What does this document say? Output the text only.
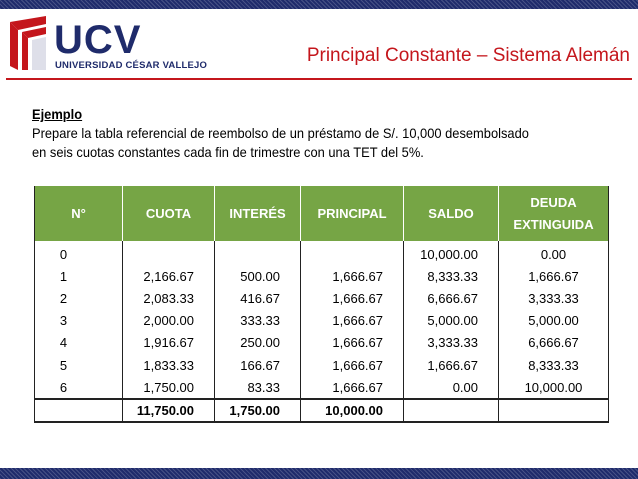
UCV
UNIVERSIDAD CÉSAR VALLEJO	Principal Constante – Sistema Alemán
Ejemplo
Prepare la tabla referencial de reembolso de un préstamo de S/. 10,000 desembolsado
en seis cuotas constantes cada fin de trimestre con una TET del 5%.
N°	CUOTA	INTERÉS	PRINCIPAL	SALDO	DEUDA EXTINGUIDA
0				10,000.00	0.00
1	2,166.67	500.00	1,666.67	8,333.33	1,666.67
2	2,083.33	416.67	1,666.67	6,666.67	3,333.33
3	2,000.00	333.33	1,666.67	5,000.00	5,000.00
4	1,916.67	250.00	1,666.67	3,333.33	6,666.67
5	1,833.33	166.67	1,666.67	1,666.67	8,333.33
6	1,750.00	83.33	1,666.67	0.00	10,000.00
	11,750.00	1,750.00	10,000.00		
